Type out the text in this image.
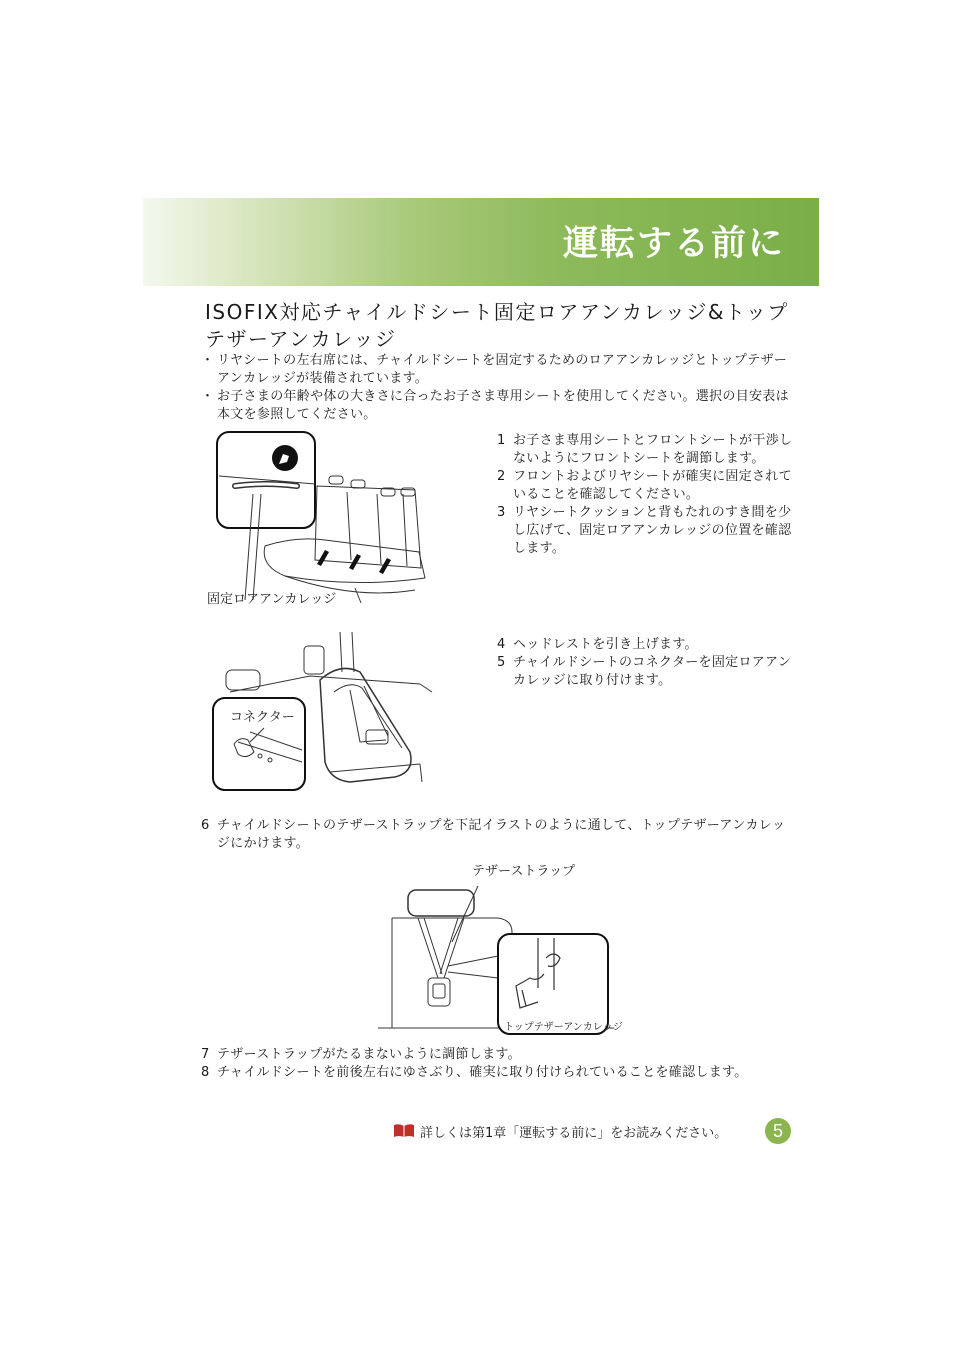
運転する前に
ISOFIX対応チャイルドシート固定ロアアンカレッジ&トップテザーアンカレッジ
・ リヤシートの左右席には、チャイルドシートを固定するためのロアアンカレッジとトップテザーアンカレッジが装備されています。
・ お子さまの年齢や体の大きさに合ったお子さま専用シートを使用してください。選択の目安表は本文を参照してください。
固定ロアアンカレッジ
1 お子さま専用シートとフロントシートが干渉しないようにフロントシートを調節します。
2 フロントおよびリヤシートが確実に固定されていることを確認してください。
3 リヤシートクッションと背もたれのすき間を少し広げて、固定ロアアンカレッジの位置を確認します。
コネクター
4 ヘッドレストを引き上げます。
5 チャイルドシートのコネクターを固定ロアアンカレッジに取り付けます。
6 チャイルドシートのテザーストラップを下記イラストのように通して、トップテザーアンカレッジにかけます。
テザーストラップ
トップテザーアンカレッジ
7 テザーストラップがたるまないように調節します。
8 チャイルドシートを前後左右にゆさぶり、確実に取り付けられていることを確認します。
詳しくは第1章「運転する前に」をお読みください。	5
